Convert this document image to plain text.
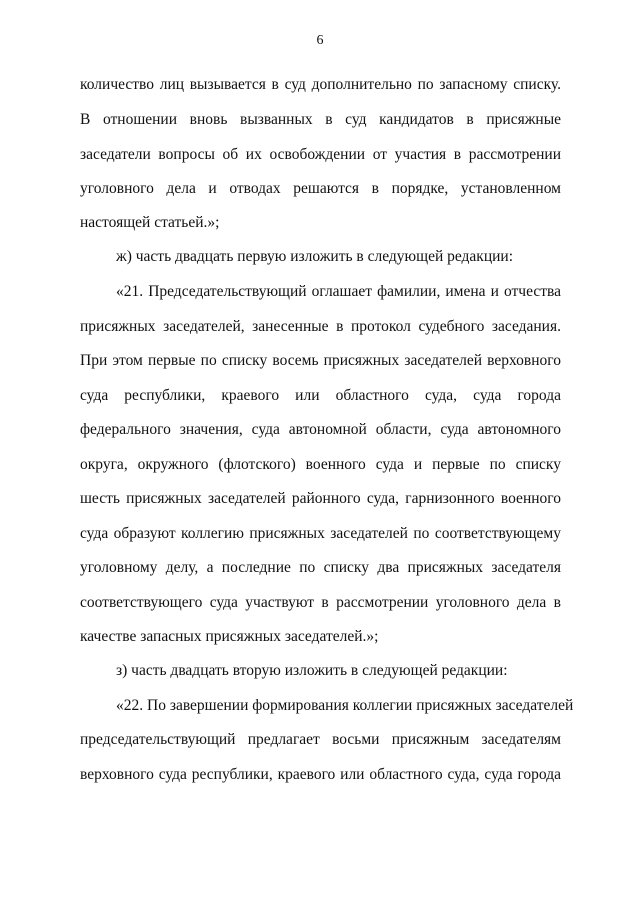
6
количество лиц вызывается в суд дополнительно по запасному списку.
В отношении вновь вызванных в суд кандидатов в присяжные
заседатели вопросы об их освобождении от участия в рассмотрении
уголовного дела и отводах решаются в порядке, установленном
настоящей статьей.»;
ж) часть двадцать первую изложить в следующей редакции:
«21. Председательствующий оглашает фамилии, имена и отчества
присяжных заседателей, занесенные в протокол судебного заседания.
При этом первые по списку восемь присяжных заседателей верховного
суда республики, краевого или областного суда, суда города
федерального значения, суда автономной области, суда автономного
округа, окружного (флотского) военного суда и первые по списку
шесть присяжных заседателей районного суда, гарнизонного военного
суда образуют коллегию присяжных заседателей по соответствующему
уголовному делу, а последние по списку два присяжных заседателя
соответствующего суда участвуют в рассмотрении уголовного дела в
качестве запасных присяжных заседателей.»;
з) часть двадцать вторую изложить в следующей редакции:
«22. По завершении формирования коллегии присяжных заседателей
председательствующий предлагает восьми присяжным заседателям
верховного суда республики, краевого или областного суда, суда города
